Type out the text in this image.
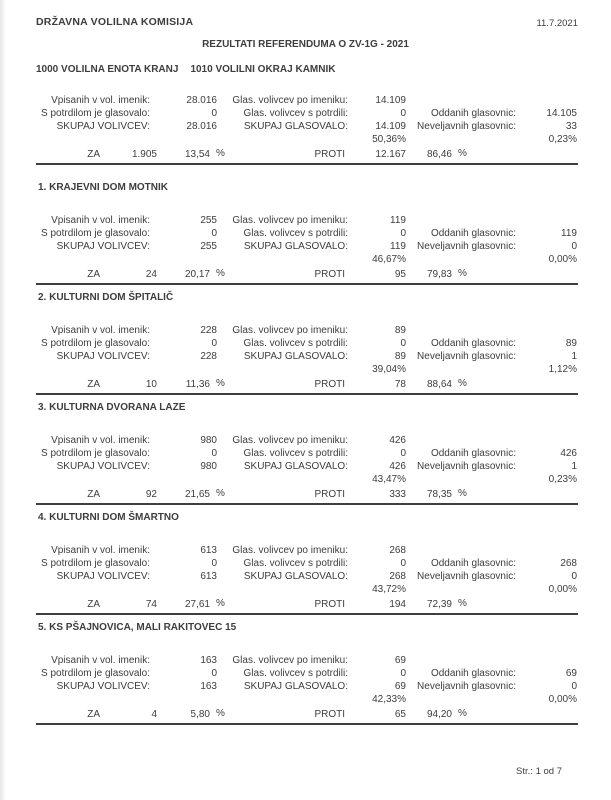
DRŽAVNA VOLILNA KOMISIJA	11.7.2021
REZULTATI REFERENDUMA O ZV-1G - 2021
1000 VOLILNA ENOTA KRANJ 1010 VOLILNI OKRAJ KAMNIK
Vpisanih v vol. imenik:	28.016	Glas. volivcev po imeniku:	14.109
S potrdilom je glasovalo:	0	Glas. volivcev s potrdili:	0	Oddanih glasovnic:	14.105
SKUPAJ VOLIVCEV:	28.016	SKUPAJ GLASOVALO:	14.109	Neveljavnih glasovnic:	33
50,36%	0,23%
ZA	1.905	13,54 %	PROTI	12.167	86,46 %
1. KRAJEVNI DOM MOTNIK
Vpisanih v vol. imenik:	255	Glas. volivcev po imeniku:	119
S potrdilom je glasovalo:	0	Glas. volivcev s potrdili:	0	Oddanih glasovnic:	119
SKUPAJ VOLIVCEV:	255	SKUPAJ GLASOVALO:	119	Neveljavnih glasovnic:	0
46,67%	0,00%
ZA	24	20,17 %	PROTI	95	79,83 %
2. KULTURNI DOM ŠPITALIČ
Vpisanih v vol. imenik:	228	Glas. volivcev po imeniku:	89
S potrdilom je glasovalo:	0	Glas. volivcev s potrdili:	0	Oddanih glasovnic:	89
SKUPAJ VOLIVCEV:	228	SKUPAJ GLASOVALO:	89	Neveljavnih glasovnic:	1
39,04%	1,12%
ZA	10	11,36 %	PROTI	78	88,64 %
3. KULTURNA DVORANA LAZE
Vpisanih v vol. imenik:	980	Glas. volivcev po imeniku:	426
S potrdilom je glasovalo:	0	Glas. volivcev s potrdili:	0	Oddanih glasovnic:	426
SKUPAJ VOLIVCEV:	980	SKUPAJ GLASOVALO:	426	Neveljavnih glasovnic:	1
43,47%	0,23%
ZA	92	21,65 %	PROTI	333	78,35 %
4. KULTURNI DOM ŠMARTNO
Vpisanih v vol. imenik:	613	Glas. volivcev po imeniku:	268
S potrdilom je glasovalo:	0	Glas. volivcev s potrdili:	0	Oddanih glasovnic:	268
SKUPAJ VOLIVCEV:	613	SKUPAJ GLASOVALO:	268	Neveljavnih glasovnic:	0
43,72%	0,00%
ZA	74	27,61 %	PROTI	194	72,39 %
5. KS PŠAJNOVICA, MALI RAKITOVEC 15
Vpisanih v vol. imenik:	163	Glas. volivcev po imeniku:	69
S potrdilom je glasovalo:	0	Glas. volivcev s potrdili:	0	Oddanih glasovnic:	69
SKUPAJ VOLIVCEV:	163	SKUPAJ GLASOVALO:	69	Neveljavnih glasovnic:	0
42,33%	0,00%
ZA	4	5,80 %	PROTI	65	94,20 %
Str.: 1 od 7
